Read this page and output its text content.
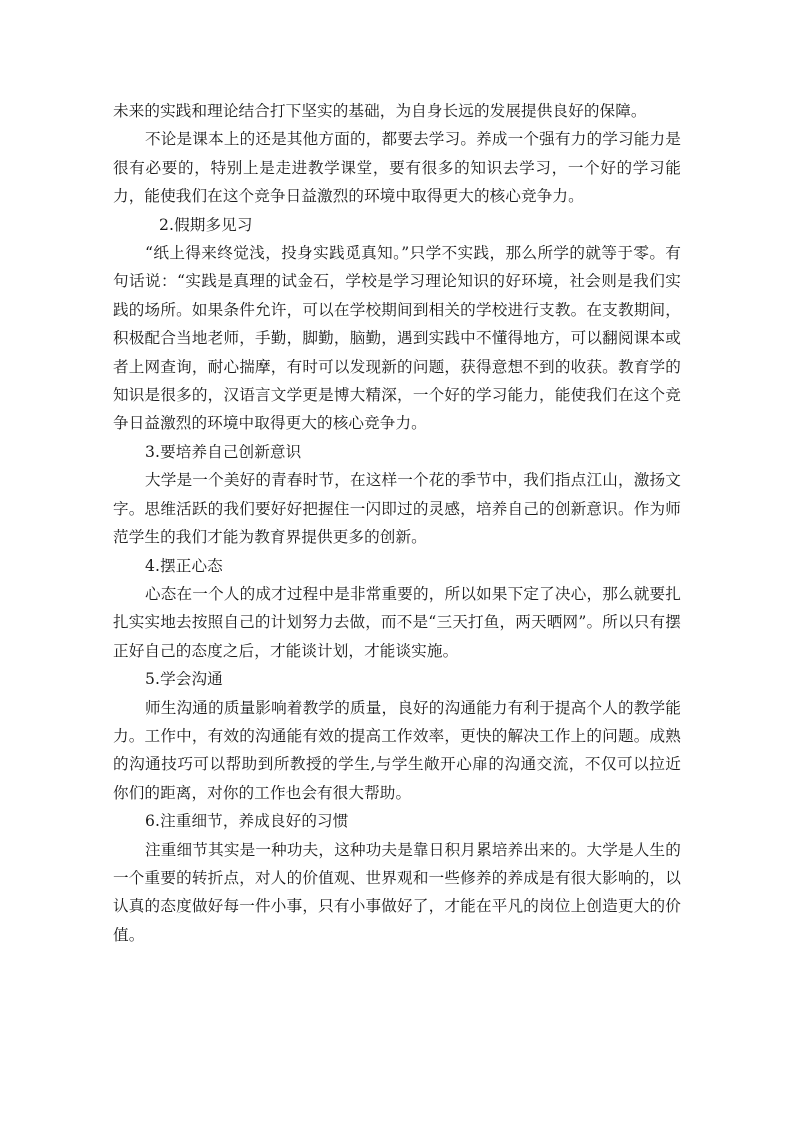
未来的实践和理论结合打下坚实的基础，为自身长远的发展提供良好的保障。

不论是课本上的还是其他方面的，都要去学习。养成一个强有力的学习能力是很有必要的，特别上是走进教学课堂，要有很多的知识去学习，一个好的学习能力，能使我们在这个竞争日益激烈的环境中取得更大的核心竞争力。

2.假期多见习

“纸上得来终觉浅，投身实践觅真知。”只学不实践，那么所学的就等于零。有句话说：“实践是真理的试金石，学校是学习理论知识的好环境，社会则是我们实践的场所。如果条件允许，可以在学校期间到相关的学校进行支教。在支教期间，积极配合当地老师，手勤，脚勤，脑勤，遇到实践中不懂得地方，可以翻阅课本或者上网查询，耐心揣摩，有时可以发现新的问题，获得意想不到的收获。教育学的知识是很多的，汉语言文学更是博大精深，一个好的学习能力，能使我们在这个竞争日益激烈的环境中取得更大的核心竞争力。

3.要培养自己创新意识

大学是一个美好的青春时节，在这样一个花的季节中，我们指点江山，激扬文字。思维活跃的我们要好好把握住一闪即过的灵感，培养自己的创新意识。作为师范学生的我们才能为教育界提供更多的创新。

4.摆正心态

心态在一个人的成才过程中是非常重要的，所以如果下定了决心，那么就要扎扎实实地去按照自己的计划努力去做，而不是“三天打鱼，两天晒网”。所以只有摆正好自己的态度之后，才能谈计划，才能谈实施。

5.学会沟通

师生沟通的质量影响着教学的质量，良好的沟通能力有利于提高个人的教学能力。工作中，有效的沟通能有效的提高工作效率，更快的解决工作上的问题。成熟的沟通技巧可以帮助到所教授的学生,与学生敞开心扉的沟通交流，不仅可以拉近你们的距离，对你的工作也会有很大帮助。

6.注重细节，养成良好的习惯

注重细节其实是一种功夫，这种功夫是靠日积月累培养出来的。大学是人生的一个重要的转折点，对人的价值观、世界观和一些修养的养成是有很大影响的，以认真的态度做好每一件小事，只有小事做好了，才能在平凡的岗位上创造更大的价值。
